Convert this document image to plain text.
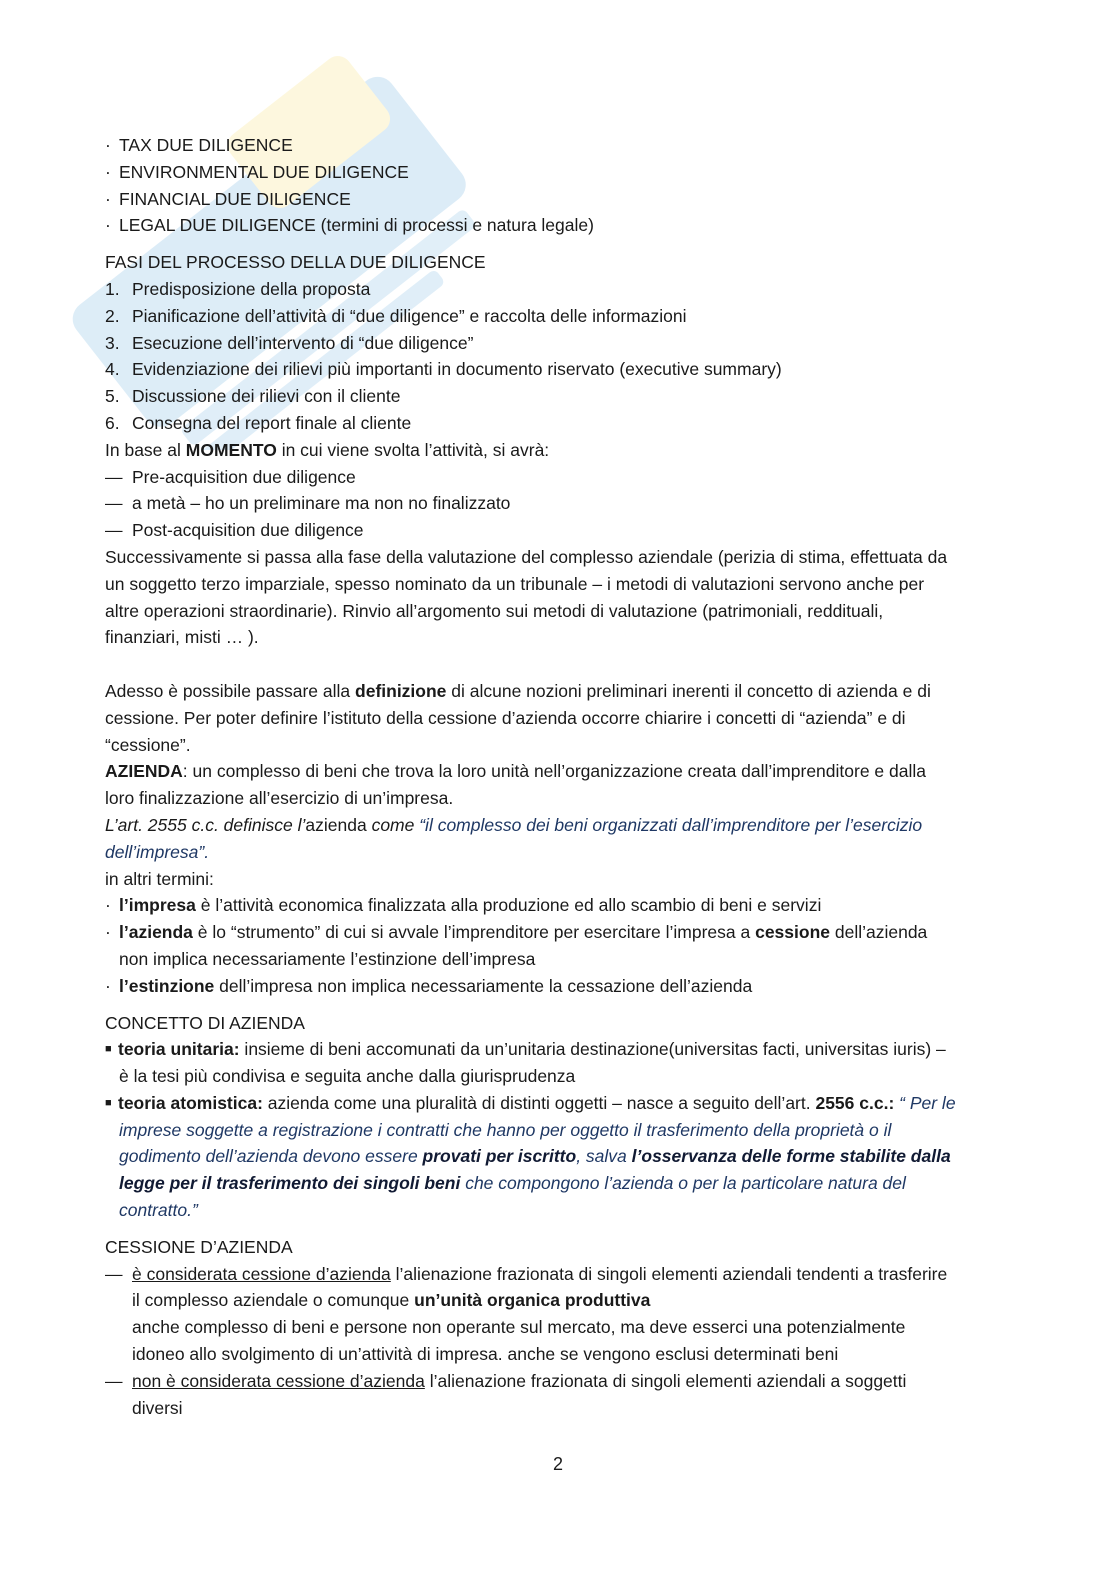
· TAX DUE DILIGENCE
· ENVIRONMENTAL DUE DILIGENCE
· FINANCIAL DUE DILIGENCE
· LEGAL DUE DILIGENCE (termini di processi e natura legale)
FASI DEL PROCESSO DELLA DUE DILIGENCE
1. Predisposizione della proposta
2. Pianificazione dell’attività di “due diligence” e raccolta delle informazioni
3. Esecuzione dell’intervento di “due diligence”
4. Evidenziazione dei rilievi più importanti in documento riservato (executive summary)
5. Discussione dei rilievi con il cliente
6. Consegna del report finale al cliente
In base al MOMENTO in cui viene svolta l’attività, si avrà:
— Pre-acquisition due diligence
— a metà – ho un preliminare ma non no finalizzato
— Post-acquisition due diligence
Successivamente si passa alla fase della valutazione del complesso aziendale (perizia di stima, effettuata da
un soggetto terzo imparziale, spesso nominato da un tribunale – i metodi di valutazioni servono anche per
altre operazioni straordinarie). Rinvio all’argomento sui metodi di valutazione (patrimoniali, reddituali,
finanziari, misti … ).
Adesso è possibile passare alla definizione di alcune nozioni preliminari inerenti il concetto di azienda e di
cessione. Per poter definire l’istituto della cessione d’azienda occorre chiarire i concetti di “azienda” e di
“cessione”.
AZIENDA: un complesso di beni che trova la loro unità nell’organizzazione creata dall’imprenditore e dalla
loro finalizzazione all’esercizio di un’impresa.
L’art. 2555 c.c. definisce l’azienda come “il complesso dei beni organizzati dall’imprenditore per l’esercizio
dell’impresa”.
in altri termini:
· l’impresa è l’attività economica finalizzata alla produzione ed allo scambio di beni e servizi
· l’azienda è lo “strumento” di cui si avvale l’imprenditore per esercitare l’impresa a cessione dell’azienda
non implica necessariamente l’estinzione dell’impresa
· l’estinzione dell’impresa non implica necessariamente la cessazione dell’azienda
CONCETTO DI AZIENDA
■ teoria unitaria: insieme di beni accomunati da un’unitaria destinazione(universitas facti, universitas iuris) –
è la tesi più condivisa e seguita anche dalla giurisprudenza
■ teoria atomistica: azienda come una pluralità di distinti oggetti – nasce a seguito dell’art. 2556 c.c.: “ Per le
imprese soggette a registrazione i contratti che hanno per oggetto il trasferimento della proprietà o il
godimento dell’azienda devono essere provati per iscritto, salva l’osservanza delle forme stabilite dalla
legge per il trasferimento dei singoli beni che compongono l’azienda o per la particolare natura del
contratto.”
CESSIONE D’AZIENDA
— è considerata cessione d’azienda l’alienazione frazionata di singoli elementi aziendali tendenti a trasferire
il complesso aziendale o comunque un’unità organica produttiva
anche complesso di beni e persone non operante sul mercato, ma deve esserci una potenzialmente
idoneo allo svolgimento di un’attività di impresa. anche se vengono esclusi determinati beni
— non è considerata cessione d’azienda l’alienazione frazionata di singoli elementi aziendali a soggetti
diversi
2
